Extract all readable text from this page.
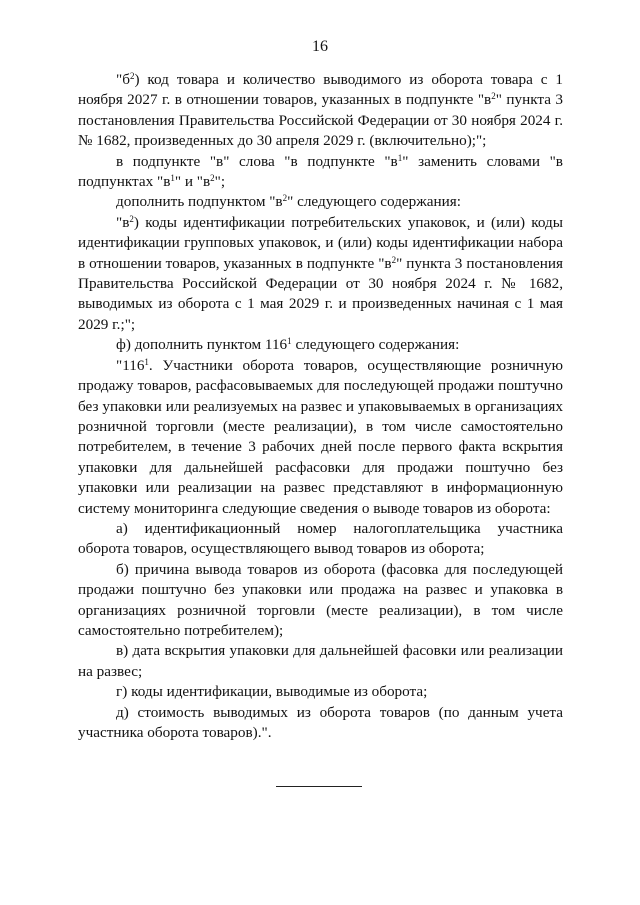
16

"$б^2$) код товара и количество выводимого из оборота товара с 1 ноября 2027 г. в отношении товаров, указанных в подпункте "$в^2$" пункта 3 постановления Правительства Российской Федерации от 30 ноября 2024 г. № 1682, произведенных до 30 апреля 2029 г. (включительно);";

в подпункте "в" слова "в подпункте "$в^1$" заменить словами "в подпунктах "$в^1$" и "$в^2$";

дополнить подпунктом "$в^2$" следующего содержания:

"$в^2$) коды идентификации потребительских упаковок, и (или) коды идентификации групповых упаковок, и (или) коды идентификации набора в отношении товаров, указанных в подпункте "$в^2$" пункта 3 постановления Правительства Российской Федерации от 30 ноября 2024 г. № 1682, выводимых из оборота с 1 мая 2029 г. и произведенных начиная с 1 мая 2029 г.;";

ф) дополнить пунктом $116^1$ следующего содержания:

"$116^1$. Участники оборота товаров, осуществляющие розничную продажу товаров, расфасовываемых для последующей продажи поштучно без упаковки или реализуемых на развес и упаковываемых в организациях розничной торговли (месте реализации), в том числе самостоятельно потребителем, в течение 3 рабочих дней после первого факта вскрытия упаковки для дальнейшей расфасовки для продажи поштучно без упаковки или реализации на развес представляют в информационную систему мониторинга следующие сведения о выводе товаров из оборота:

а) идентификационный номер налогоплательщика участника оборота товаров, осуществляющего вывод товаров из оборота;

б) причина вывода товаров из оборота (фасовка для последующей продажи поштучно без упаковки или продажа на развес и упаковка в организациях розничной торговли (месте реализации), в том числе самостоятельно потребителем);

в) дата вскрытия упаковки для дальнейшей фасовки или реализации на развес;

г) коды идентификации, выводимые из оборота;

д) стоимость выводимых из оборота товаров (по данным учета участника оборота товаров).".
